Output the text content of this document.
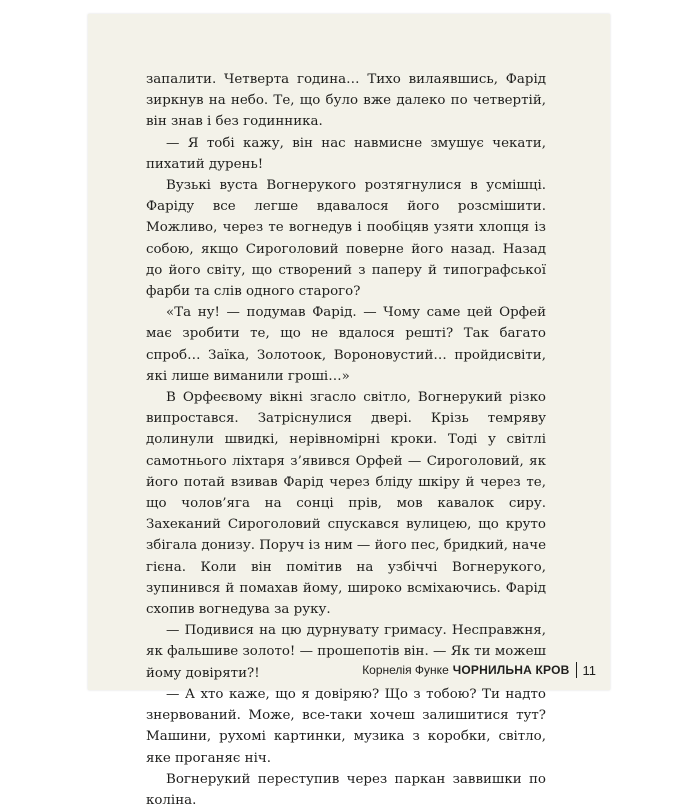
запалити. Четверта година… Тихо вилаявшись, Фарід зиркнув на небо. Те, що було вже далеко по четвертій, він знав і без годинника.

— Я тобі кажу, він нас навмисне змушує чекати, пихатий дурень!

Вузькі вуста Вогнерукого розтягнулися в усмішці. Фаріду все легше вдавалося його розсмішити. Можливо, через те вогнедув і пообіцяв узяти хлопця із собою, якщо Сироголовий поверне його назад. Назад до його світу, що створений з паперу й типографської фарби та слів одного старого?

«Та ну! — подумав Фарід. — Чому саме цей Орфей має зробити те, що не вдалося решті? Так багато спроб… Заїка, Золотоок, Вороновустий… пройдисвіти, які лише виманили гроші…»

В Орфеєвому вікні згасло світло, Вогнерукий різко випростався. Затріснулися двері. Крізь темряву долинули швидкі, нерівномірні кроки. Тоді у світлі самотнього ліхтаря з’явився Орфей — Сироголовий, як його потай взивав Фарід через бліду шкіру й через те, що чолов’яга на сонці прів, мов кавалок сиру. Захеканий Сироголовий спускався вулицею, що круто збігала донизу. Поруч із ним — його пес, бридкий, наче гієна. Коли він помітив на узбіччі Вогнерукого, зупинився й помахав йому, широко всміхаючись. Фарід схопив вогнедува за руку.

— Подивися на цю дурнувату гримасу. Несправжня, як фальшиве золото! — прошепотів він. — Як ти можеш йому довіряти?!

— А хто каже, що я довіряю? Що з тобою? Ти надто знервований. Може, все-таки хочеш залишитися тут? Машини, рухомі картинки, музика з коробки, світло, яке проганяє ніч.

Вогнерукий переступив через паркан заввишки по коліна.

Корнелія Функе ЧОРНИЛЬНА КРОВ 11
